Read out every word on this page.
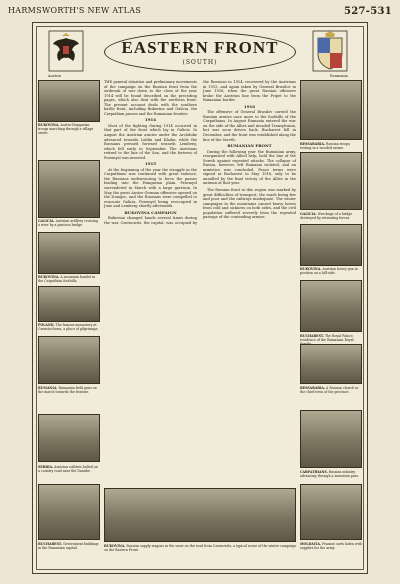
HARMSWORTH'S NEW ATLAS	527-531
Austria	Roumania
EASTERN FRONT
(SOUTH)
BUKOVINA. Austro-Hungarian troops marching through a village street.
GALICIA. Austrian artillery crossing a river by a pontoon bridge.
BUKOVINA. A mountain hamlet in the Carpathian foothills.
POLAND. The famous monastery at Czenstochowa, a place of pilgrimage.
RUMANIA. Rumanian field guns on the march towards the frontier.
SERBIA. Austrian soldiers halted on a country road near the Danube.
BUCHAREST. Government buildings in the Rumanian capital.
BESSARABIA. Russian troops resting in a wooded ravine.
GALICIA. Wreckage of a bridge destroyed by retreating forces.
BUKOVINA. Austrian heavy gun in position on a hill-side.
BUCHAREST. The Royal Palace, residence of the Rumanian Royal
BESSARABIA. A Russian church in the chief town of the province.
CARPATHIANS. Russian infantry advancing through a mountain pass.
MOLDAVIA. Peasant carts laden with supplies for the army.
BUKOVINA. Russian supply wagons in the snow on the road from Czernowitz, a typical scene of the winter campaign on the Eastern Front.

THE general situation and preliminary movements of the campaign on the Russian front from the outbreak of war down to the close of the year 1914 will be found described on the preceding pages, which also deal with the northern front. The present account deals with the southern battle front, including Bukovina and Galicia, the Carpathian passes and the Rumanian frontier.

1914

Most of the fighting during 1914 occurred in that part of the front which lay in Galicia. In August the Austrian armies under the Archduke advanced towards Lublin and Kholm, while the Russians pressed forward towards Lemberg, which fell early in September. The Austrians retired to the line of the San, and the fortress of Przemysl was invested.

1915

At the beginning of the year the struggle in the Carpathians was continued with great violence, the Russians endeavouring to force the passes leading into the Hungarian plain. Przemysl surrendered in March with a large garrison. In May the great Austro-German offensive opened on the Dunajec, and the Russians were compelled to evacuate Galicia, Przemysl being reoccupied in June and Lemberg shortly afterwards.

BUKOVINA CAMPAIGN

Bukovina changed hands several times during the war. Czernowitz, the capital, was occupied by the Russians in 1914, recovered by the Austrians in 1915, and again taken by General Brusilov in June 1916, when the great Russian offensive broke the Austrian line from the Pripet to the Rumanian border.

1916

The offensive of General Brusilov carried the Russian armies once more to the foothills of the Carpathians. In August Rumania entered the war on the side of the Allies and invaded Transylvania, but was soon driven back. Bucharest fell in December, and the front was established along the line of the Sereth.

RUMANIAN FRONT

During the following year the Rumanian army, reorganised with Allied help, held the line of the Sereth against repeated attacks. The collapse of Russia, however, left Rumania isolated, and an armistice was concluded. Peace terms were signed at Bucharest in May 1918, only to be annulled by the final victory of the Allies in the autumn of that year.

The Russian front in this region was marked by great difficulties of transport, the roads being few and poor and the railways inadequate. The winter campaigns in the mountains caused heavy losses from cold and sickness on both sides, and the civil population suffered severely from the repeated passage of the contending armies.
